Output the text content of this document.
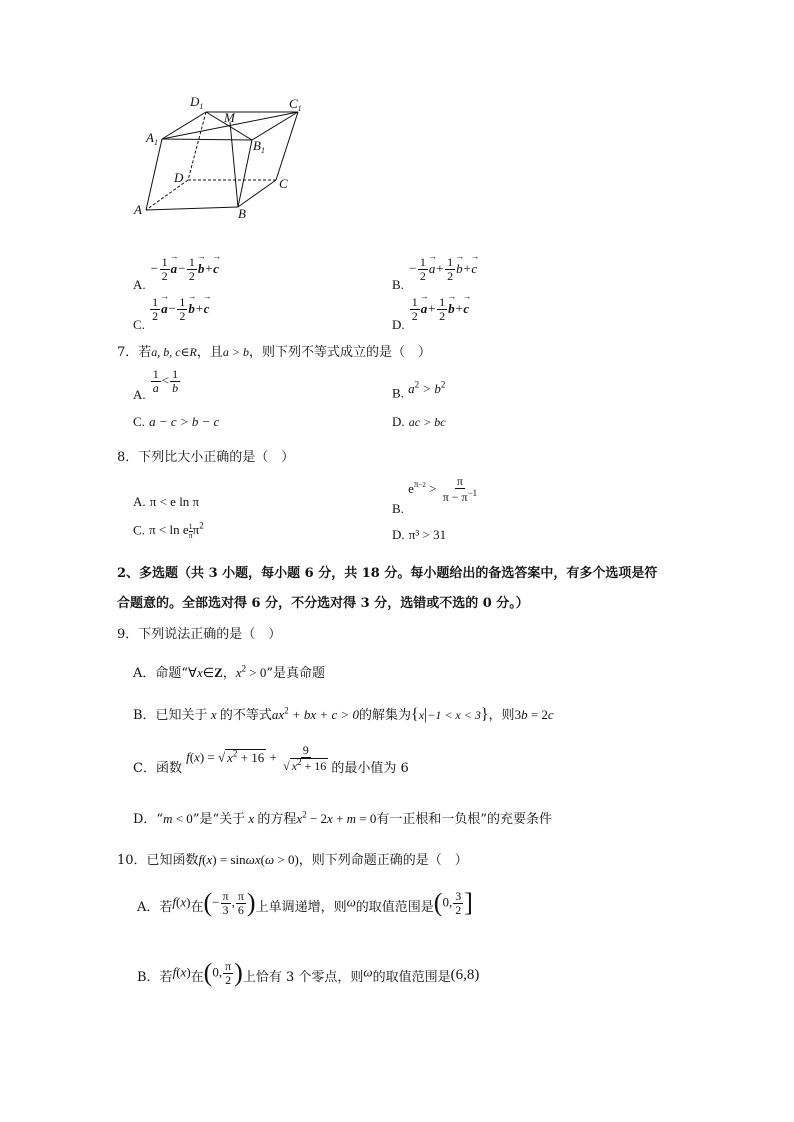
$D_1$
M
$C_1$
$A_1$	$B_1$
D	C
A	B
A. − $\frac{1}{2}$
→ $a- \frac{1}{2}$
→ b+→ c
B. − $\frac{1}{2}$
→ $a+ \frac{1}{2}$
→ b+→ c
C.
$\frac{1}{2}$
→ $a- \frac{1}{2}$
→ b+→ c
D.
$\frac{1}{2}$
→ $a+ \frac{1}{2}$
→ b+→ c
7．若a, b, c∈R，且a > b，则下列不等式成立的是（　）
A. $\frac{1}{a} < \frac{1}{b}$	B. $a^2 > b^2$
C. a − c > b − c	D. ac > bc
8．下列比大小正确的是（　）
A. π < e ln π	B. $e^{\pi-2} > \frac{\pi}{\pi - \pi^{-1}}$
C. π < ln e $\frac{1}{\pi} \pi^2$
D. π³ > 31
2、多选题（共 3 小题，每小题 6 分，共 18 分。每小题给出的备选答案中，有多个选项是符
合题意的。全部选对得 6 分，不分选对得 3 分，选错或不选的 0 分。）
9．下列说法正确的是（　）
A．命题“∀x∈Z，$x^2 > 0$”是真命题
B．已知关于 x 的不等式$ax^2$ + bx + c > 0的解集为{x|−1 < x < 3}，则3b = 2c
C．函数 f(x) = √ $x^2 + 16 + \frac{9}{√ x^2 + 16}$ 的最小值为 6
D．“m < 0”是“关于 x 的方程$x^2 - 2x + m = 0$有一正根和一负根”的充要条件
10．已知函数f(x) = sinωx(ω > 0)，则下列命题正确的是（　）
A．若f(x)在(− $\frac{\pi}{3}$ , $\frac{\pi}{6}$ )上单调递增，则ω的取值范围是(0, $\frac{3}{2}$ ]
B．若f(x)在(0, $\frac{\pi}{2}$ )上恰有 3 个零点，则ω的取值范围是(6,8)
